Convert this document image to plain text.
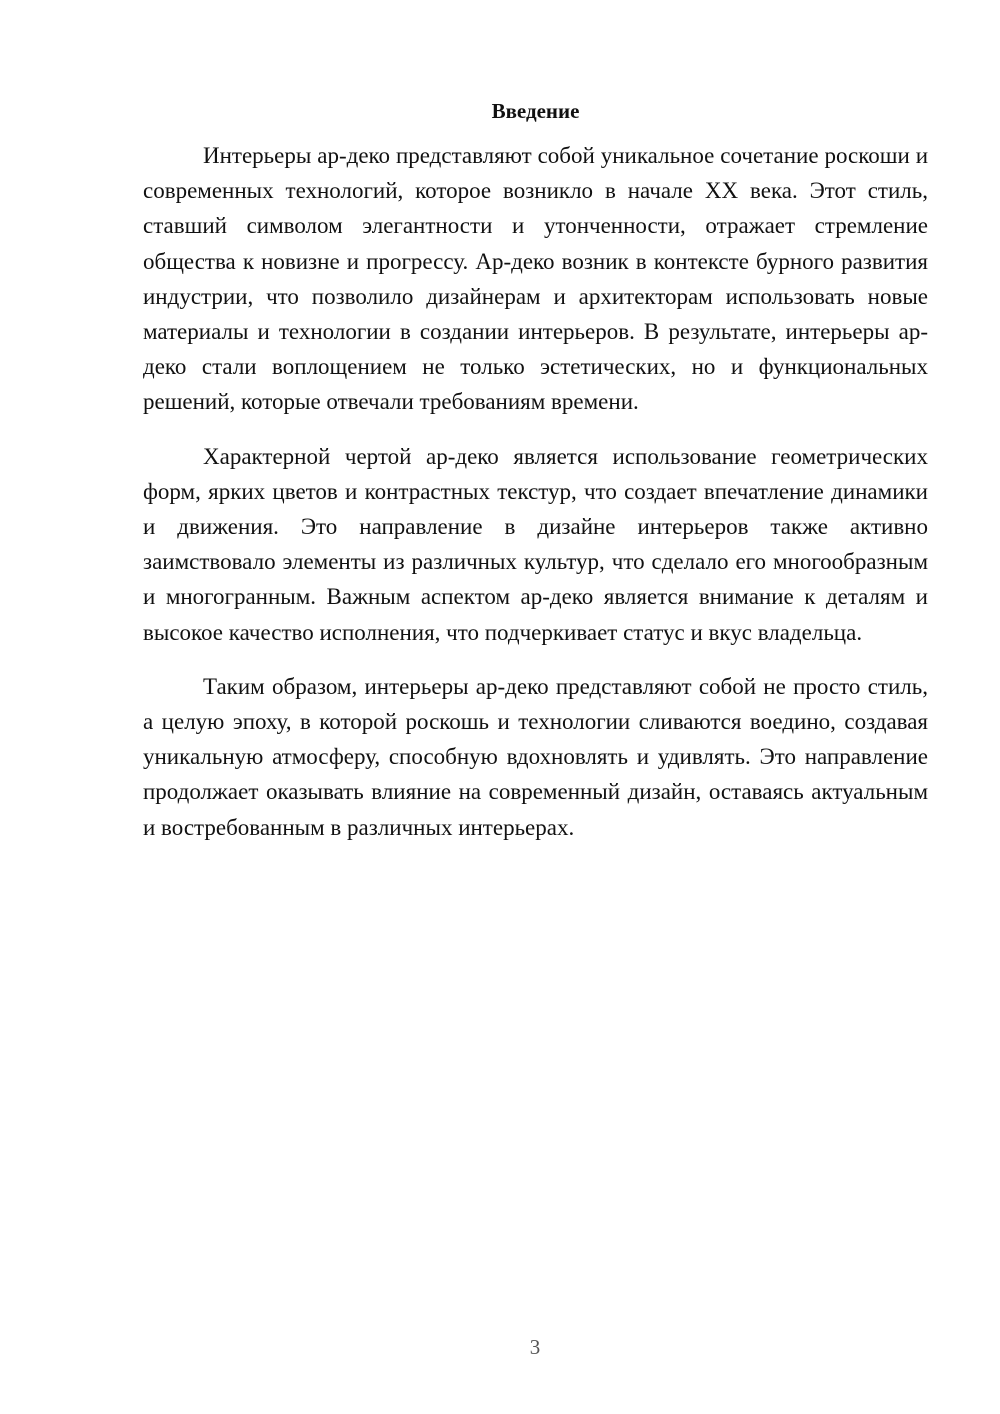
Введение

Интерьеры ар-деко представляют собой уникальное сочетание роскоши и современных технологий, которое возникло в начале XX века. Этот стиль, ставший символом элегантности и утонченности, отражает стремление общества к новизне и прогрессу. Ар-деко возник в контексте бурного развития индустрии, что позволило дизайнерам и архитекторам использовать новые материалы и технологии в создании интерьеров. В результате, интерьеры ар-деко стали воплощением не только эстетических, но и функциональных решений, которые отвечали требованиям времени.

Характерной чертой ар-деко является использование геометрических форм, ярких цветов и контрастных текстур, что создает впечатление динамики и движения. Это направление в дизайне интерьеров также активно заимствовало элементы из различных культур, что сделало его многообразным и многогранным. Важным аспектом ар-деко является внимание к деталям и высокое качество исполнения, что подчеркивает статус и вкус владельца.

Таким образом, интерьеры ар-деко представляют собой не просто стиль, а целую эпоху, в которой роскошь и технологии сливаются воедино, создавая уникальную атмосферу, способную вдохновлять и удивлять. Это направление продолжает оказывать влияние на современный дизайн, оставаясь актуальным и востребованным в различных интерьерах.

3
